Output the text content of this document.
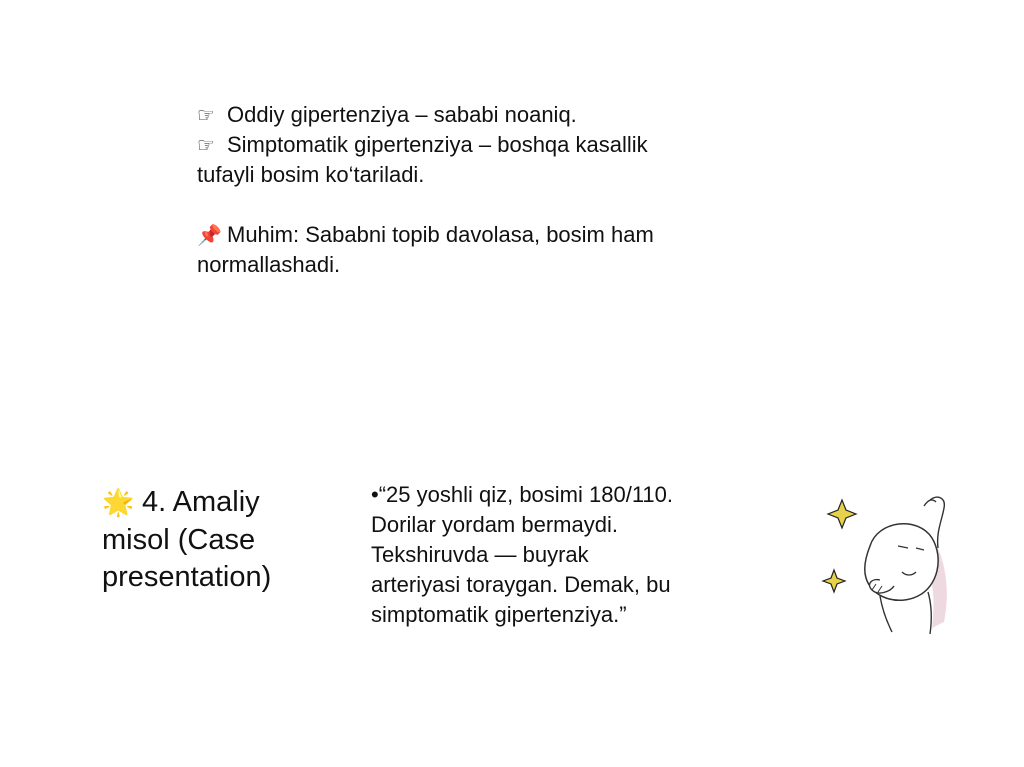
☞ Oddiy gipertenziya – sababi noaniq.
☞ Simptomatik gipertenziya – boshqa kasallik
tufayli bosim ko‘tariladi.
📌 Muhim: Sababni topib davolasa, bosim ham
normallashadi.
🌟 4. Amaliy
misol (Case
presentation)
•“25 yoshli qiz, bosimi 180/110.
Dorilar yordam bermaydi.
Tekshiruvda — buyrak
arteriyasi toraygan. Demak, bu
simptomatik gipertenziya.”
